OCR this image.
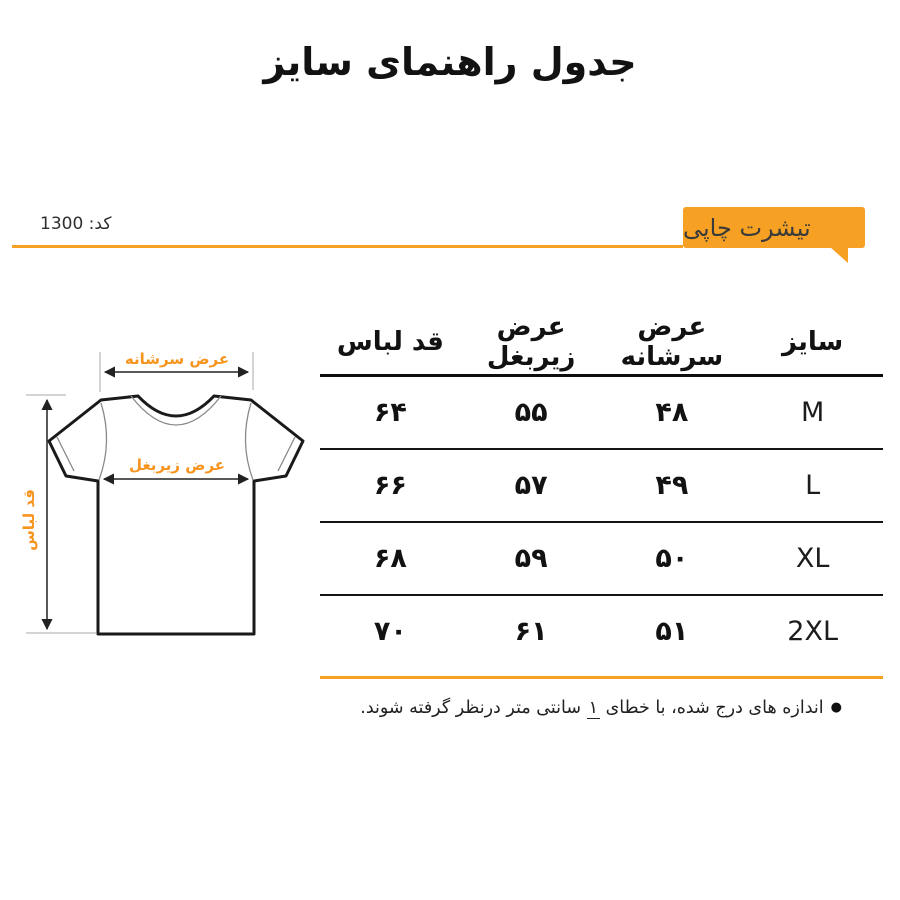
جدول راهنمای سایز
کد: 1300	تیشرت چاپی
عرض سرشانه
عرض زیربغل
قد لباس
سایز
عرض سرشانه
عرض زیربغل
قد لباس
M
۴۸
۵۵
۶۴
L
۴۹
۵۷
۶۶
XL
۵۰
۵۹
۶۸
2XL
۵۱
۶۱
۷۰
●اندازه های درج شده، با خطای ۱ سانتی متر درنظر گرفته شوند.
